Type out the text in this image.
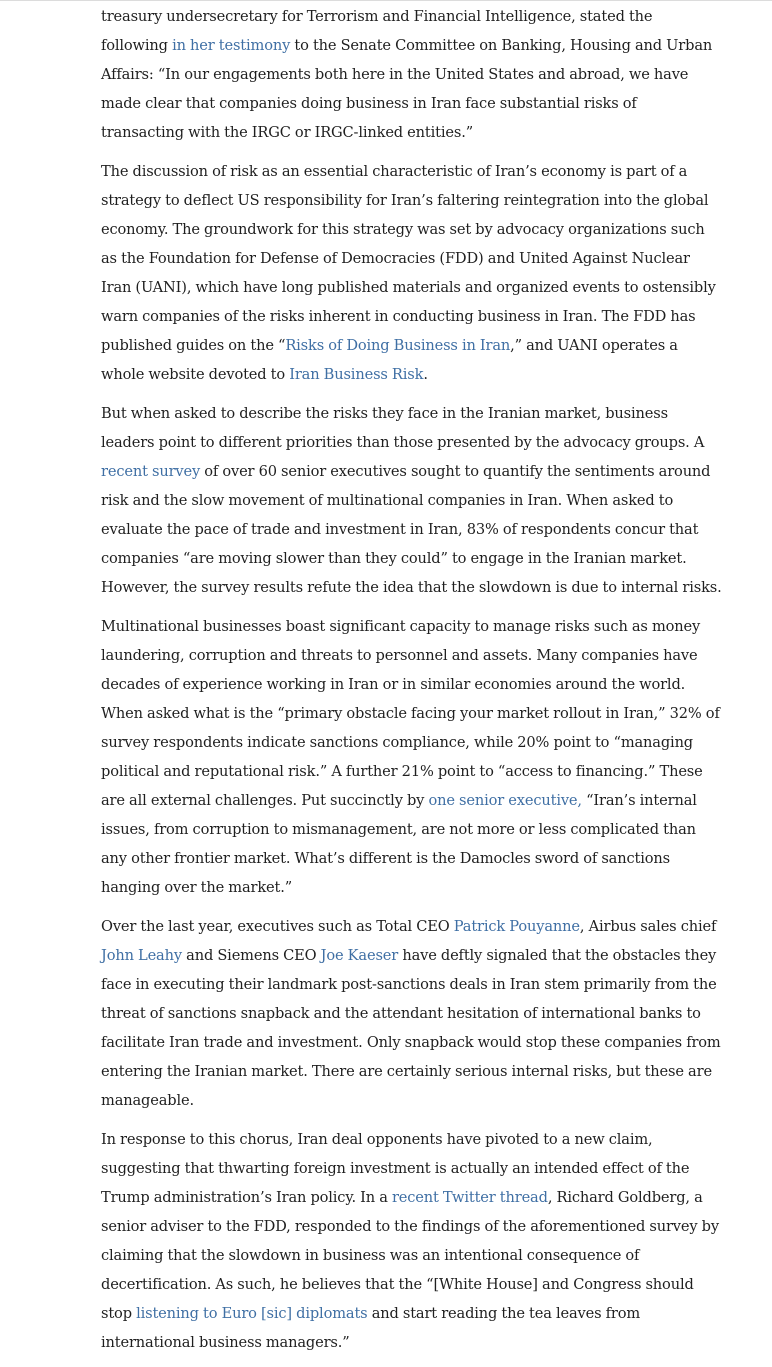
treasury undersecretary for Terrorism and Financial Intelligence, stated the following in her testimony to the Senate Committee on Banking, Housing and Urban Affairs: “In our engagements both here in the United States and abroad, we have made clear that companies doing business in Iran face substantial risks of transacting with the IRGC or IRGC-linked entities.”

The discussion of risk as an essential characteristic of Iran’s economy is part of a strategy to deflect US responsibility for Iran’s faltering reintegration into the global economy. The groundwork for this strategy was set by advocacy organizations such as the Foundation for Defense of Democracies (FDD) and United Against Nuclear Iran (UANI), which have long published materials and organized events to ostensibly warn companies of the risks inherent in conducting business in Iran. The FDD has published guides on the “Risks of Doing Business in Iran,” and UANI operates a whole website devoted to Iran Business Risk.

But when asked to describe the risks they face in the Iranian market, business leaders point to different priorities than those presented by the advocacy groups. A recent survey of over 60 senior executives sought to quantify the sentiments around risk and the slow movement of multinational companies in Iran. When asked to evaluate the pace of trade and investment in Iran, 83% of respondents concur that companies “are moving slower than they could” to engage in the Iranian market. However, the survey results refute the idea that the slowdown is due to internal risks.

Multinational businesses boast significant capacity to manage risks such as money laundering, corruption and threats to personnel and assets. Many companies have decades of experience working in Iran or in similar economies around the world. When asked what is the “primary obstacle facing your market rollout in Iran,” 32% of survey respondents indicate sanctions compliance, while 20% point to “managing political and reputational risk.” A further 21% point to “access to financing.” These are all external challenges. Put succinctly by one senior executive, “Iran’s internal issues, from corruption to mismanagement, are not more or less complicated than any other frontier market. What’s different is the Damocles sword of sanctions hanging over the market.”

Over the last year, executives such as Total CEO Patrick Pouyanne, Airbus sales chief John Leahy and Siemens CEO Joe Kaeser have deftly signaled that the obstacles they face in executing their landmark post-sanctions deals in Iran stem primarily from the threat of sanctions snapback and the attendant hesitation of international banks to facilitate Iran trade and investment. Only snapback would stop these companies from entering the Iranian market. There are certainly serious internal risks, but these are manageable.

In response to this chorus, Iran deal opponents have pivoted to a new claim, suggesting that thwarting foreign investment is actually an intended effect of the Trump administration’s Iran policy. In a recent Twitter thread, Richard Goldberg, a senior adviser to the FDD, responded to the findings of the aforementioned survey by claiming that the slowdown in business was an intentional consequence of decertification. As such, he believes that the “[White House] and Congress should stop listening to Euro [sic] diplomats and start reading the tea leaves from international business managers.”
